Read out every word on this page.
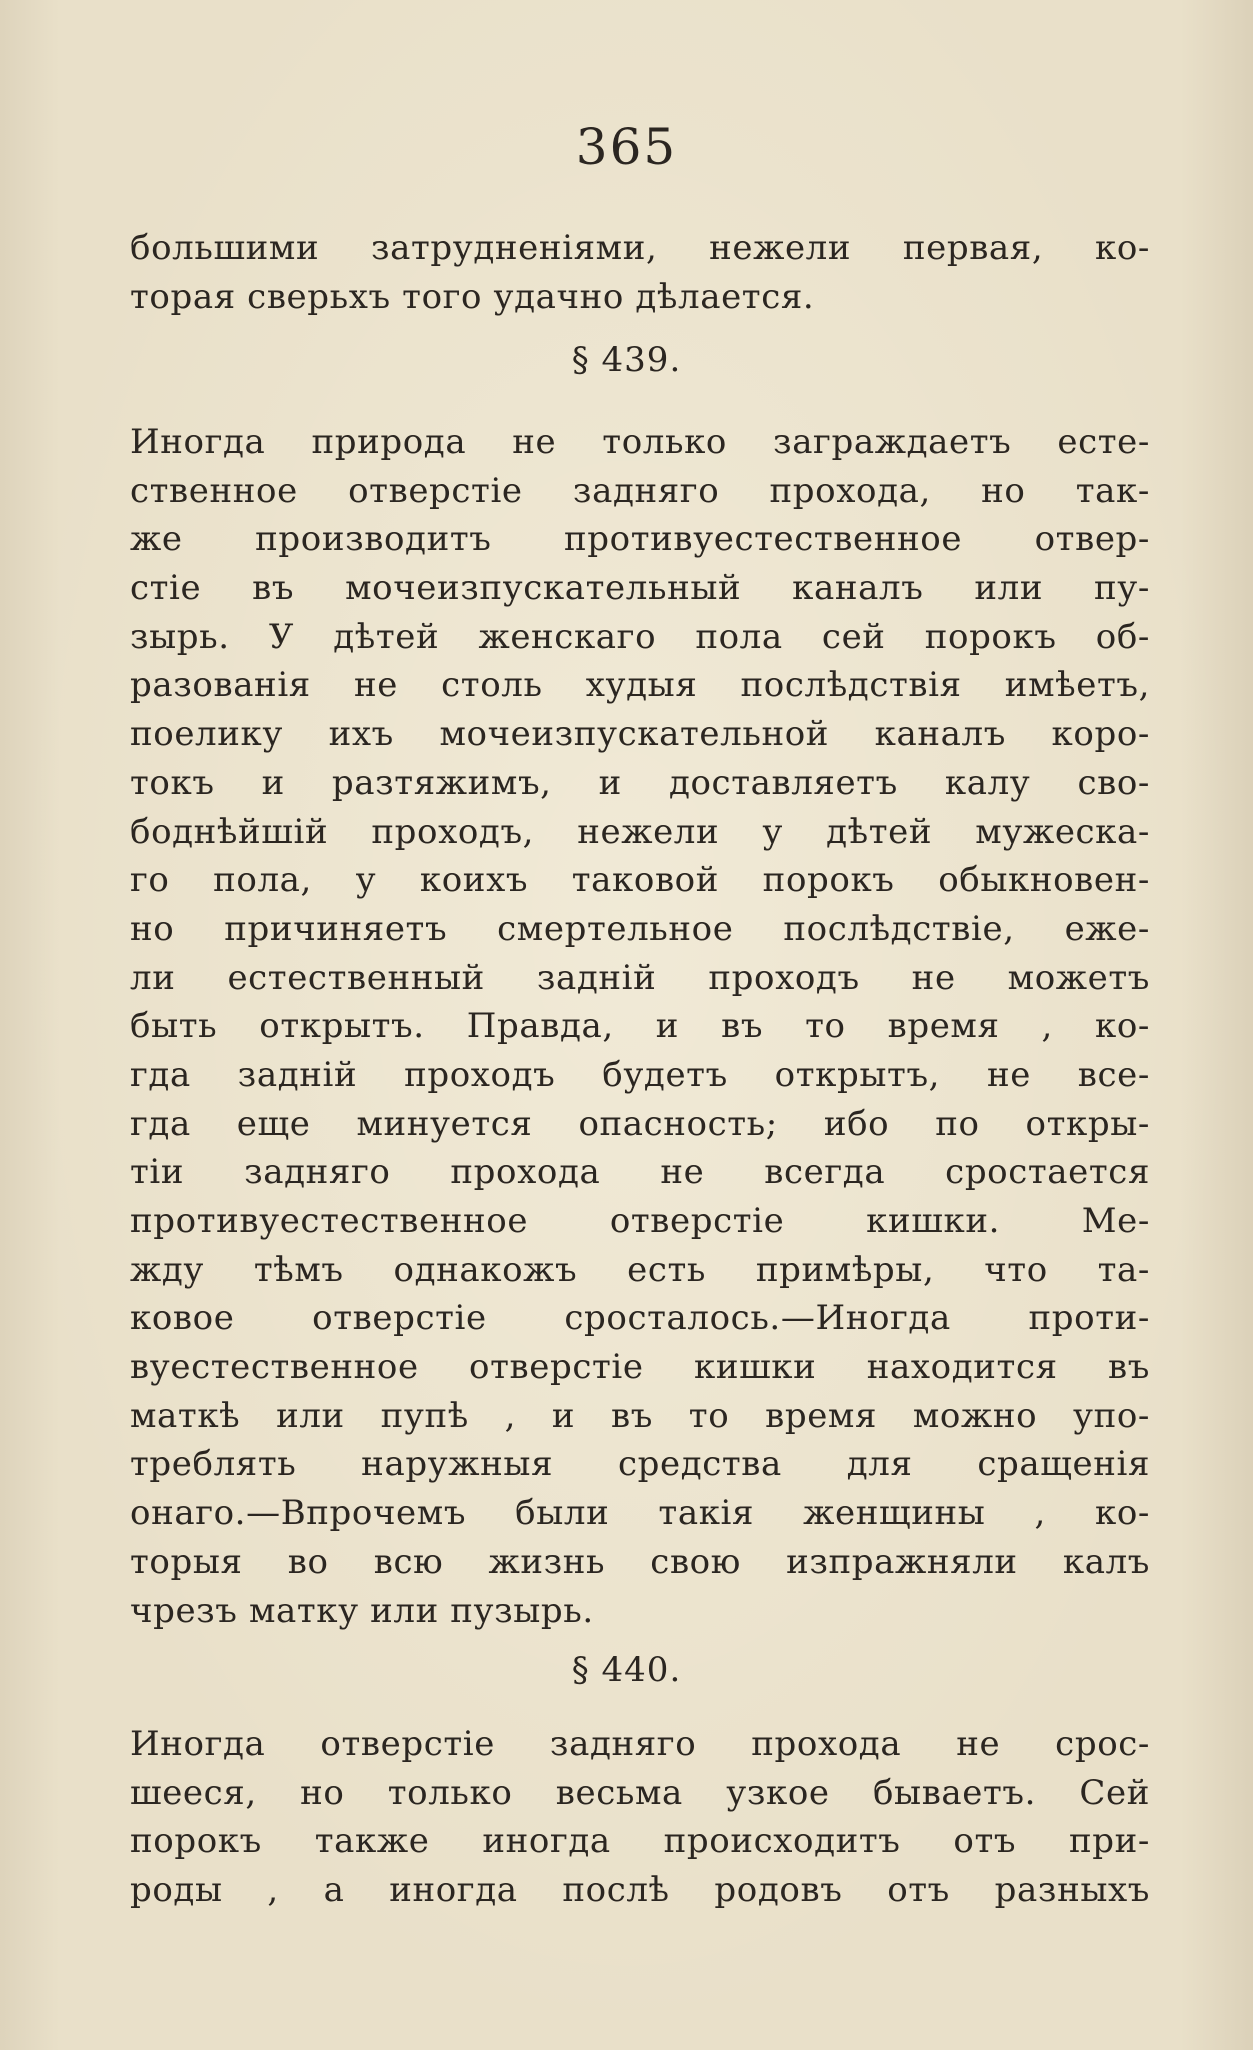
365
большими затрудненiями, нежели первая, ко-
торая сверьхъ того удачно дѣлается.
§ 439.
Иногда природа не только заграждаетъ есте-
ственное отверстiе задняго прохода, но так-
же производитъ противуестественное отвер-
стiе въ мочеизпускательный каналъ или пу-
зырь. У дѣтей женскаго пола сей порокъ об-
разованiя не столь худыя послѣдствiя имѣетъ,
поелику ихъ мочеизпускательной каналъ коро-
токъ и разтяжимъ, и доставляетъ калу сво-
боднѣйшiй проходъ, нежели у дѣтей мужеска-
го пола, у коихъ таковой порокъ обыкновен-
но причиняетъ смертельное послѣдствiе, еже-
ли естественный заднiй проходъ не можетъ
быть открытъ. Правда, и въ то время , ко-
гда заднiй проходъ будетъ открытъ, не все-
гда еще минуется опасность; ибо по откры-
тiи задняго прохода не всегда сростается
противуестественное отверстiе кишки. Ме-
жду тѣмъ однакожъ есть примѣры, что та-
ковое отверстiе сросталось.—Иногда проти-
вуестественное отверстiе кишки находится въ
маткѣ или пупѣ , и въ то время можно упо-
треблять наружныя средства для сращенiя
онаго.—Впрочемъ были такiя женщины , ко-
торыя во всю жизнь свою изпражняли калъ
чрезъ матку или пузырь.
§ 440.
Иногда отверстiе задняго прохода не срос-
шееся, но только весьма узкое бываетъ. Сей
порокъ также иногда происходитъ отъ при-
роды , а иногда послѣ родовъ отъ разныхъ
